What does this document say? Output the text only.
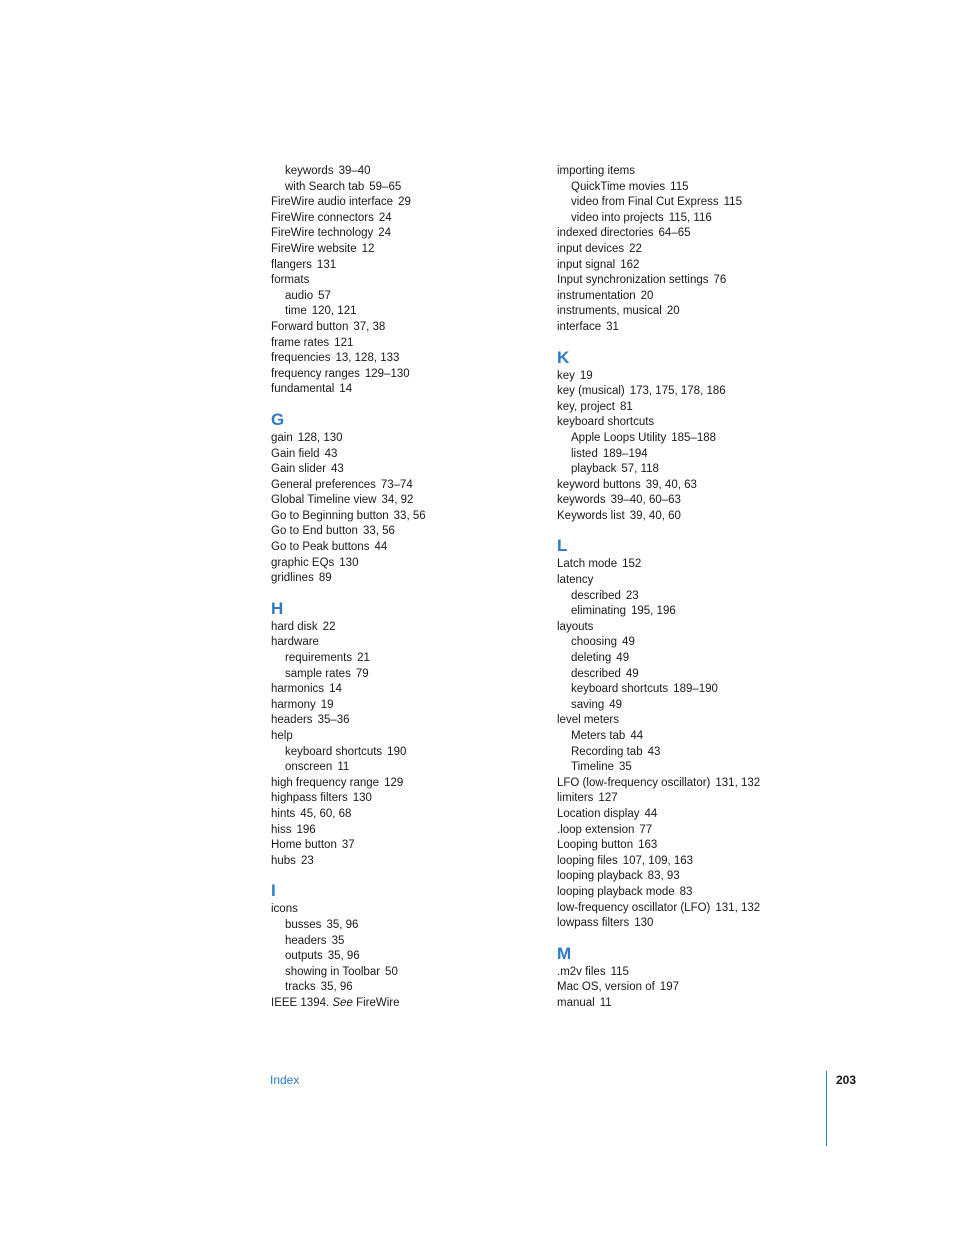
keywords 39–40
with Search tab 59–65
FireWire audio interface 29
FireWire connectors 24
FireWire technology 24
FireWire website 12
flangers 131
formats
audio 57
time 120, 121
Forward button 37, 38
frame rates 121
frequencies 13, 128, 133
frequency ranges 129–130
fundamental 14
G
gain 128, 130
Gain field 43
Gain slider 43
General preferences 73–74
Global Timeline view 34, 92
Go to Beginning button 33, 56
Go to End button 33, 56
Go to Peak buttons 44
graphic EQs 130
gridlines 89
H
hard disk 22
hardware
requirements 21
sample rates 79
harmonics 14
harmony 19
headers 35–36
help
keyboard shortcuts 190
onscreen 11
high frequency range 129
highpass filters 130
hints 45, 60, 68
hiss 196
Home button 37
hubs 23
I
icons
busses 35, 96
headers 35
outputs 35, 96
showing in Toolbar 50
tracks 35, 96
IEEE 1394. See FireWire
importing items
QuickTime movies 115
video from Final Cut Express 115
video into projects 115, 116
indexed directories 64–65
input devices 22
input signal 162
Input synchronization settings 76
instrumentation 20
instruments, musical 20
interface 31
K
key 19
key (musical) 173, 175, 178, 186
key, project 81
keyboard shortcuts
Apple Loops Utility 185–188
listed 189–194
playback 57, 118
keyword buttons 39, 40, 63
keywords 39–40, 60–63
Keywords list 39, 40, 60
L
Latch mode 152
latency
described 23
eliminating 195, 196
layouts
choosing 49
deleting 49
described 49
keyboard shortcuts 189–190
saving 49
level meters
Meters tab 44
Recording tab 43
Timeline 35
LFO (low-frequency oscillator) 131, 132
limiters 127
Location display 44
.loop extension 77
Looping button 163
looping files 107, 109, 163
looping playback 83, 93
looping playback mode 83
low-frequency oscillator (LFO) 131, 132
lowpass filters 130
M
.m2v files 115
Mac OS, version of 197
manual 11
Index	203
